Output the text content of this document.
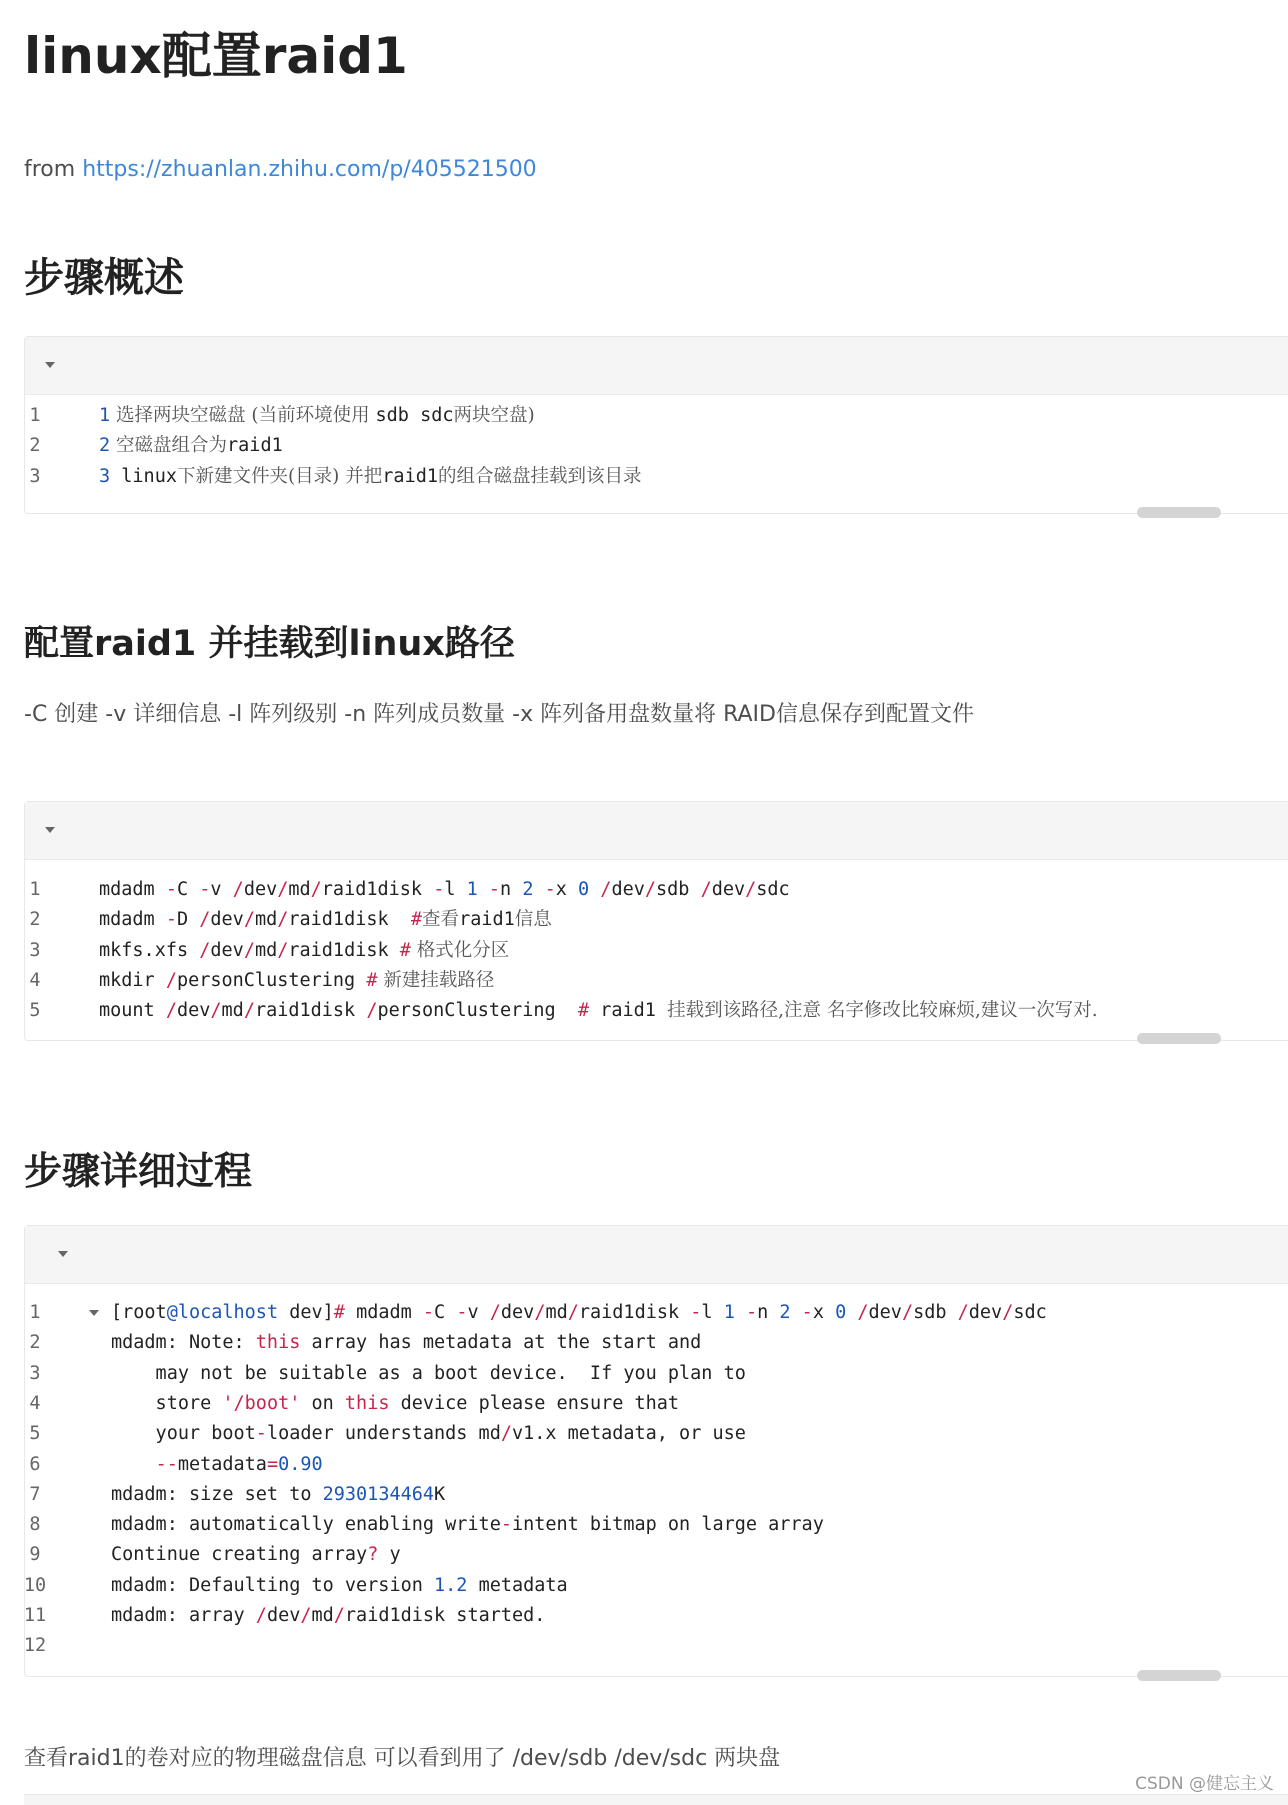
linux配置raid1
from https://zhuanlan.zhihu.com/p/405521500
步骤概述
1	1 选择两块空磁盘 (当前环境使用 sdb sdc两块空盘)
2	2 空磁盘组合为raid1
3	3 linux下新建文件夹(目录) 并把raid1的组合磁盘挂载到该目录
配置raid1 并挂载到linux路径
-C 创建 -v 详细信息 -l 阵列级别 -n 阵列成员数量 -x 阵列备用盘数量将 RAID信息保存到配置文件
1	mdadm -C -v /dev/md/raid1disk -l 1 -n 2 -x 0 /dev/sdb /dev/sdc
2	mdadm -D /dev/md/raid1disk  #查看raid1信息
3	mkfs.xfs /dev/md/raid1disk # 格式化分区
4	mkdir /personClustering # 新建挂载路径
5	mount /dev/md/raid1disk /personClustering  # raid1 挂载到该路径,注意 名字修改比较麻烦,建议一次写对.
步骤详细过程
1	[root@localhost dev]# mdadm -C -v /dev/md/raid1disk -l 1 -n 2 -x 0 /dev/sdb /dev/sdc
2	mdadm: Note: this array has metadata at the start and
3	may not be suitable as a boot device.  If you plan to
4	store '/boot' on this device please ensure that
5	your boot-loader understands md/v1.x metadata, or use
6	--metadata=0.90
7	mdadm: size set to 2930134464K
8	mdadm: automatically enabling write-intent bitmap on large array
9	Continue creating array? y
10	mdadm: Defaulting to version 1.2 metadata
11	mdadm: array /dev/md/raid1disk started.
12
查看raid1的卷对应的物理磁盘信息 可以看到用了 /dev/sdb /dev/sdc 两块盘
CSDN @健忘主义
